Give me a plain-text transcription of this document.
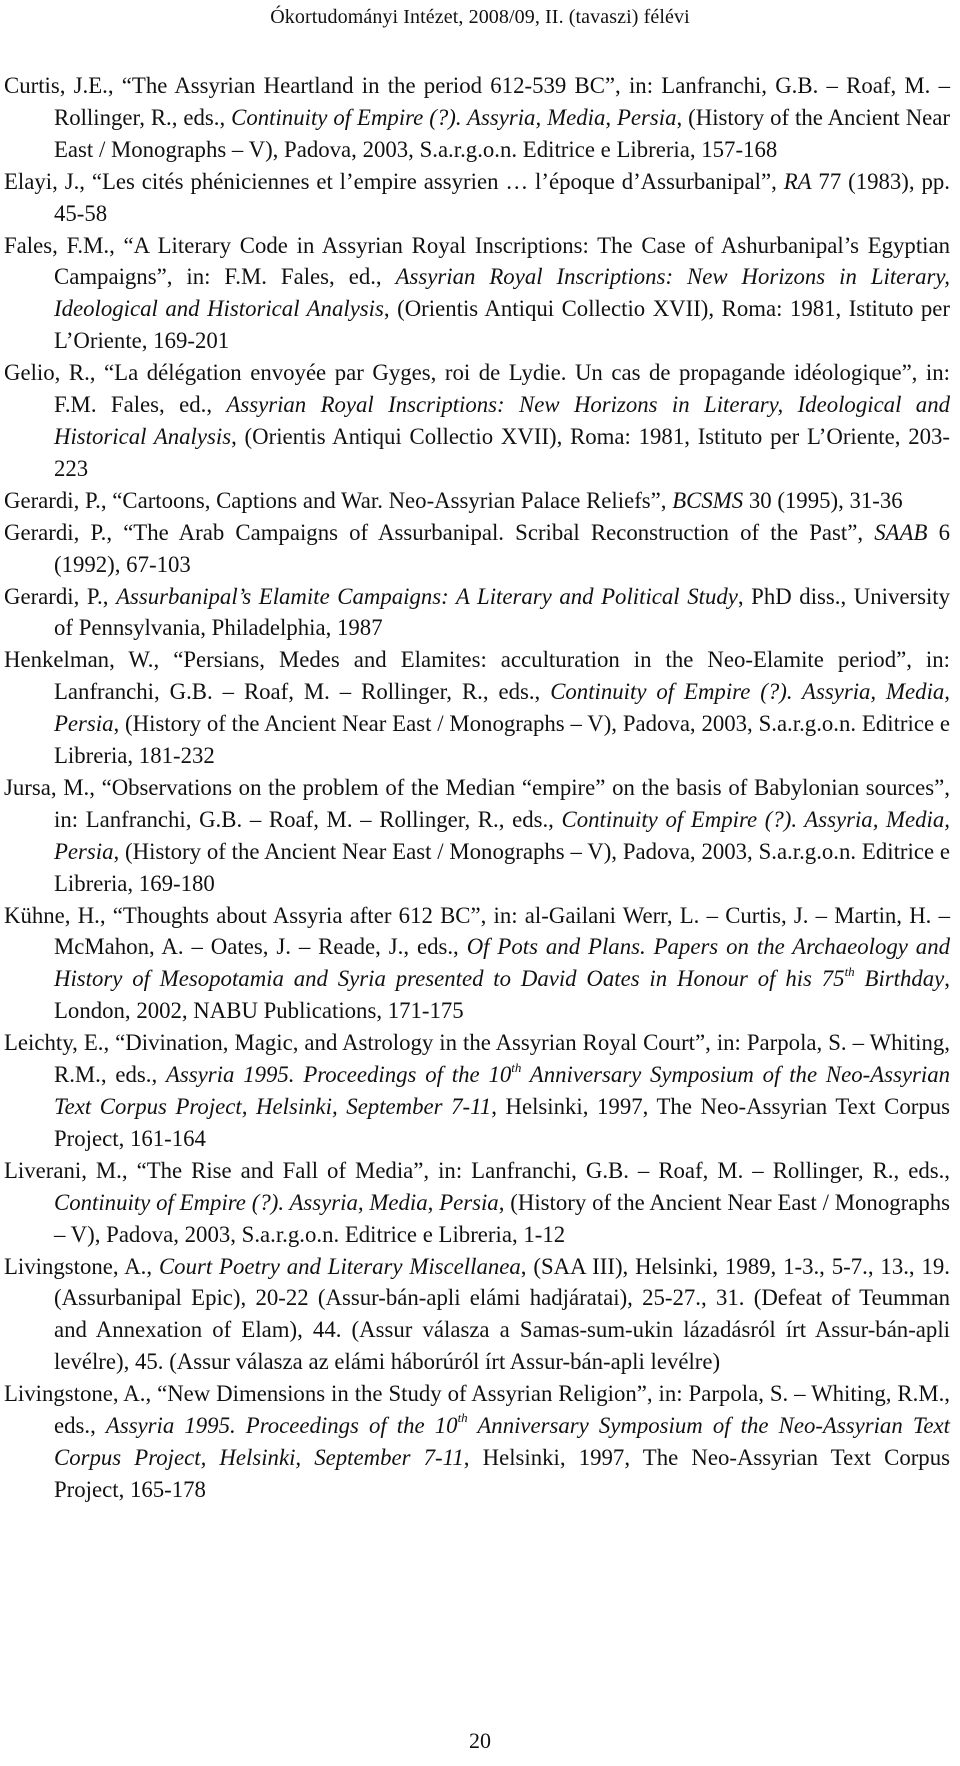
Ókortudományi Intézet, 2008/09, II. (tavaszi) félévi

Curtis, J.E., “The Assyrian Heartland in the period 612-539 BC”, in: Lanfranchi, G.B. – Roaf, M. – Rollinger, R., eds., Continuity of Empire (?). Assyria, Media, Persia, (History of the Ancient Near East / Monographs – V), Padova, 2003, S.a.r.g.o.n. Editrice e Libreria, 157-168

Elayi, J., “Les cités phéniciennes et l’empire assyrien … l’époque d’Assurbanipal”, RA 77 (1983), pp. 45-58

Fales, F.M., “A Literary Code in Assyrian Royal Inscriptions: The Case of Ashurbanipal’s Egyptian Campaigns”, in: F.M. Fales, ed., Assyrian Royal Inscriptions: New Horizons in Literary, Ideological and Historical Analysis, (Orientis Antiqui Collectio XVII), Roma: 1981, Istituto per L’Oriente, 169-201

Gelio, R., “La délégation envoyée par Gyges, roi de Lydie. Un cas de propagande idéologique”, in: F.M. Fales, ed., Assyrian Royal Inscriptions: New Horizons in Literary, Ideological and Historical Analysis, (Orientis Antiqui Collectio XVII), Roma: 1981, Istituto per L’Oriente, 203-223

Gerardi, P., “Cartoons, Captions and War. Neo-Assyrian Palace Reliefs”, BCSMS 30 (1995), 31-36

Gerardi, P., “The Arab Campaigns of Assurbanipal. Scribal Reconstruction of the Past”, SAAB 6 (1992), 67-103

Gerardi, P., Assurbanipal’s Elamite Campaigns: A Literary and Political Study, PhD diss., University of Pennsylvania, Philadelphia, 1987

Henkelman, W., “Persians, Medes and Elamites: acculturation in the Neo-Elamite period”, in: Lanfranchi, G.B. – Roaf, M. – Rollinger, R., eds., Continuity of Empire (?). Assyria, Media, Persia, (History of the Ancient Near East / Monographs – V), Padova, 2003, S.a.r.g.o.n. Editrice e Libreria, 181-232

Jursa, M., “Observations on the problem of the Median “empire” on the basis of Babylonian sources”, in: Lanfranchi, G.B. – Roaf, M. – Rollinger, R., eds., Continuity of Empire (?). Assyria, Media, Persia, (History of the Ancient Near East / Monographs – V), Padova, 2003, S.a.r.g.o.n. Editrice e Libreria, 169-180

Kühne, H., “Thoughts about Assyria after 612 BC”, in: al-Gailani Werr, L. – Curtis, J. – Martin, H. – McMahon, A. – Oates, J. – Reade, J., eds., Of Pots and Plans. Papers on the Archaeology and History of Mesopotamia and Syria presented to David Oates in Honour of his 75th Birthday, London, 2002, NABU Publications, 171-175

Leichty, E., “Divination, Magic, and Astrology in the Assyrian Royal Court”, in: Parpola, S. – Whiting, R.M., eds., Assyria 1995. Proceedings of the 10th Anniversary Symposium of the Neo-Assyrian Text Corpus Project, Helsinki, September 7-11, Helsinki, 1997, The Neo-Assyrian Text Corpus Project, 161-164

Liverani, M., “The Rise and Fall of Media”, in: Lanfranchi, G.B. – Roaf, M. – Rollinger, R., eds., Continuity of Empire (?). Assyria, Media, Persia, (History of the Ancient Near East / Monographs – V), Padova, 2003, S.a.r.g.o.n. Editrice e Libreria, 1-12

Livingstone, A., Court Poetry and Literary Miscellanea, (SAA III), Helsinki, 1989, 1-3., 5-7., 13., 19. (Assurbanipal Epic), 20-22 (Assur-bán-apli elámi hadjáratai), 25-27., 31. (Defeat of Teumman and Annexation of Elam), 44. (Assur válasza a Samas-sum-ukin lázadásról írt Assur-bán-apli levélre), 45. (Assur válasza az elámi háborúról írt Assur-bán-apli levélre)

Livingstone, A., “New Dimensions in the Study of Assyrian Religion”, in: Parpola, S. – Whiting, R.M., eds., Assyria 1995. Proceedings of the 10th Anniversary Symposium of the Neo-Assyrian Text Corpus Project, Helsinki, September 7-11, Helsinki, 1997, The Neo-Assyrian Text Corpus Project, 165-178

20
